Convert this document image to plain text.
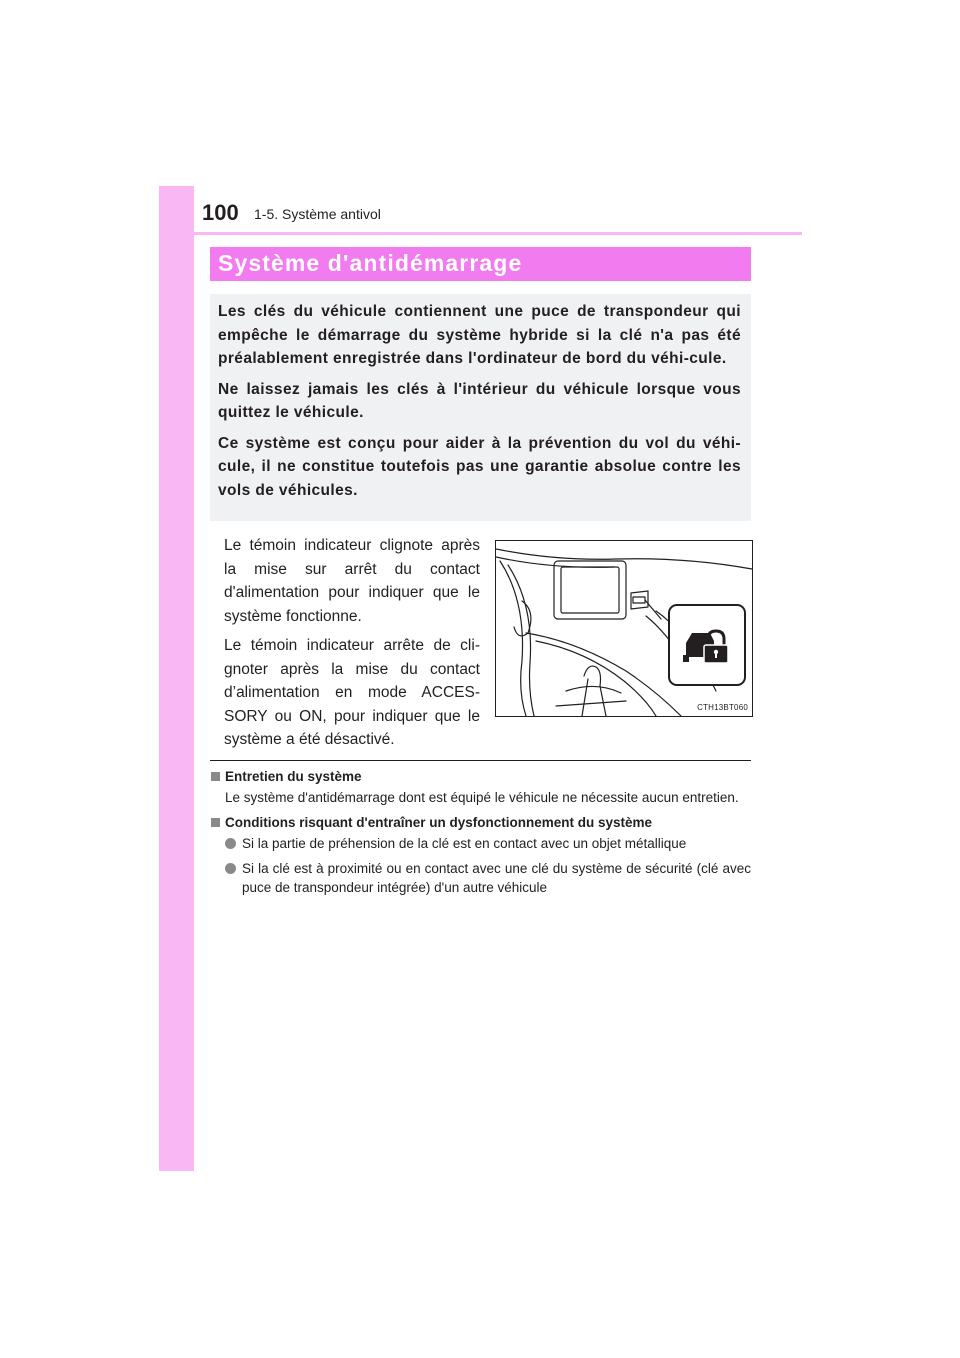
100 1-5. Système antivol
Système d'antidémarrage

Les clés du véhicule contiennent une puce de transpondeur qui empêche le démarrage du système hybride si la clé n'a pas été préalablement enregistrée dans l'ordinateur de bord du véhi-cule.

Ne laissez jamais les clés à l'intérieur du véhicule lorsque vous quittez le véhicule.

Ce système est conçu pour aider à la prévention du vol du véhi-cule, il ne constitue toutefois pas une garantie absolue contre les vols de véhicules.

Le témoin indicateur clignote après la mise sur arrêt du contact d'alimentation pour indiquer que le système fonctionne.

Le témoin indicateur arrête de cli-gnoter après la mise du contact d’alimentation en mode ACCES-SORY ou ON, pour indiquer que le système a été désactivé.

CTH13BT060
Entretien du système
Le système d'antidémarrage dont est équipé le véhicule ne nécessite aucun entretien.
Conditions risquant d'entraîner un dysfonctionnement du système
Si la partie de préhension de la clé est en contact avec un objet métallique
Si la clé est à proximité ou en contact avec une clé du système de sécurité (clé avec puce de transpondeur intégrée) d'un autre véhicule
